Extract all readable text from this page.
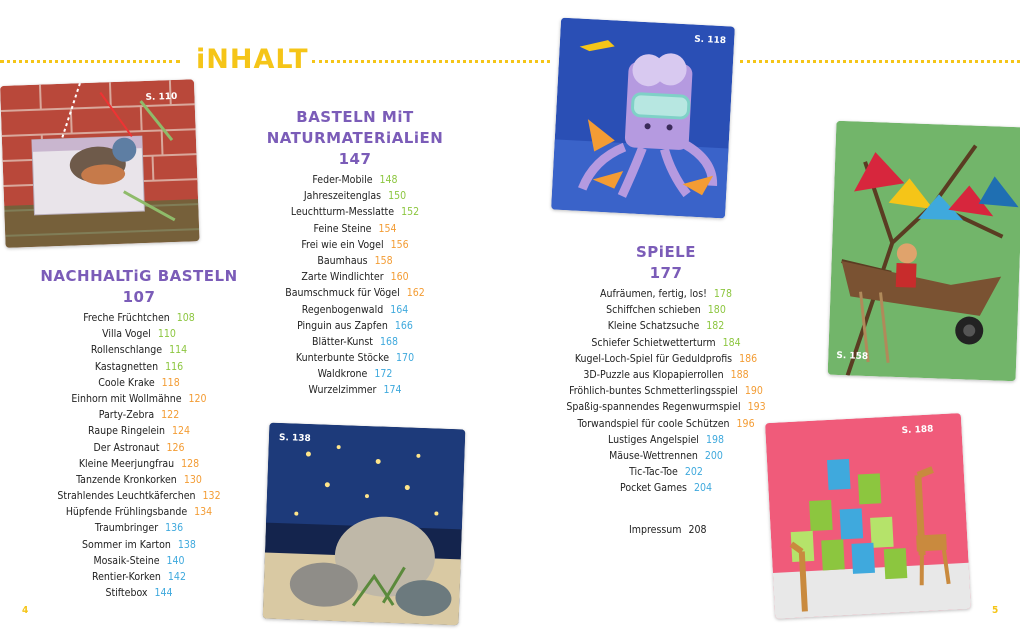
iNHALT
S. 110
S. 118
S. 158
S. 138
S. 188
NACHHALTiG BASTELN
107
Freche Früchtchen 108
Villa Vogel 110
Rollenschlange 114
Kastagnetten 116
Coole Krake 118
Einhorn mit Wollmähne 120
Party-Zebra 122
Raupe Ringelein 124
Der Astronaut 126
Kleine Meerjungfrau 128
Tanzende Kronkorken 130
Strahlendes Leuchtkäferchen 132
Hüpfende Frühlingsbande 134
Traumbringer 136
Sommer im Karton 138
Mosaik-Steine 140
Rentier-Korken 142
Stiftebox 144
BASTELN MiT
NATURMATERiALiEN
147
Feder-Mobile 148
Jahreszeitenglas 150
Leuchtturm-Messlatte 152
Feine Steine 154
Frei wie ein Vogel 156
Baumhaus 158
Zarte Windlichter 160
Baumschmuck für Vögel 162
Regenbogenwald 164
Pinguin aus Zapfen 166
Blätter-Kunst 168
Kunterbunte Stöcke 170
Waldkrone 172
Wurzelzimmer 174
SPiELE
177
Aufräumen, fertig, los! 178
Schiffchen schieben 180
Kleine Schatzsuche 182
Schiefer Schietwetterturm 184
Kugel-Loch-Spiel für Geduldprofis 186
3D-Puzzle aus Klopapierrollen 188
Fröhlich-buntes Schmetterlingsspiel 190
Spaßig-spannendes Regenwurmspiel 193
Torwandspiel für coole Schützen 196
Lustiges Angelspiel 198
Mäuse-Wettrennen 200
Tic-Tac-Toe 202
Pocket Games 204
Impressum 208
4	5
